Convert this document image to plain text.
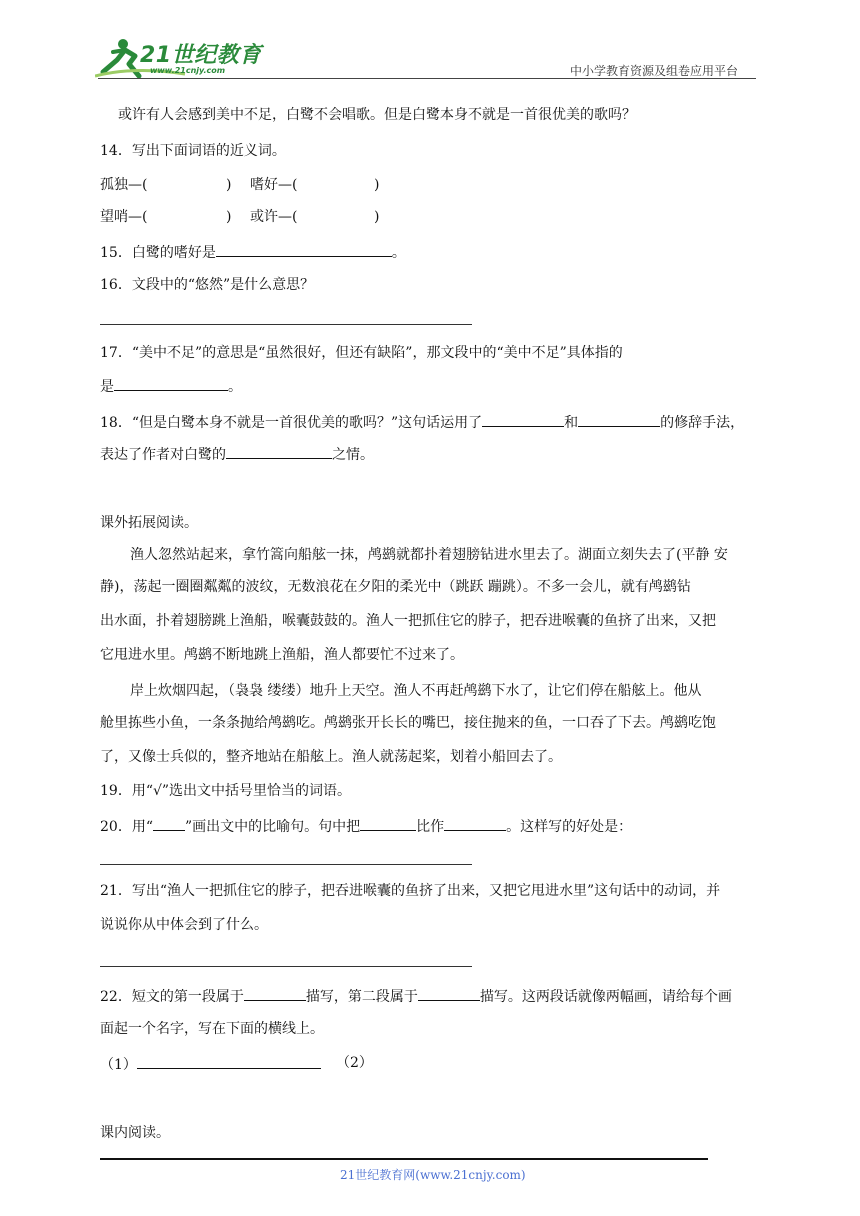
21世纪教育
www.21cnjy.com	中小学教育资源及组卷应用平台
或许有人会感到美中不足，白鹭不会唱歌。但是白鹭本身不就是一首很优美的歌吗？
14．写出下面词语的近义词。
孤独—(	) 嗜好—(	)
望哨—(	) 或许—(	)
15．白鹭的嗜好是	。
16．文段中的“悠然”是什么意思？
17．“美中不足”的意思是“虽然很好，但还有缺陷”，那文段中的“美中不足”具体指的
是	。
18．“但是白鹭本身不就是一首很优美的歌吗？”这句话运用了	和	的修辞手法，
表达了作者对白鹭的	之情。
课外拓展阅读。
渔人忽然站起来，拿竹篙向船舷一抹，鸬鹚就都扑着翅膀钻进水里去了。湖面立刻失去了(平静 安
静)，荡起一圈圈粼粼的波纹，无数浪花在夕阳的柔光中（跳跃 蹦跳）。不多一会儿，就有鸬鹚钻
出水面，扑着翅膀跳上渔船，喉囊鼓鼓的。渔人一把抓住它的脖子，把吞进喉囊的鱼挤了出来，又把
它甩进水里。鸬鹚不断地跳上渔船，渔人都要忙不过来了。
岸上炊烟四起，（袅袅 缕缕）地升上天空。渔人不再赶鸬鹚下水了，让它们停在船舷上。他从
舱里拣些小鱼，一条条抛给鸬鹚吃。鸬鹚张开长长的嘴巴，接住抛来的鱼，一口吞了下去。鸬鹚吃饱
了，又像士兵似的，整齐地站在船舷上。渔人就荡起桨，划着小船回去了。
19．用“√”选出文中括号里恰当的词语。
20．用“ ”画出文中的比喻句。句中把	比作	。这样写的好处是：
21．写出“渔人一把抓住它的脖子，把吞进喉囊的鱼挤了出来，又把它甩进水里”这句话中的动词，并
说说你从中体会到了什么。
22．短文的第一段属于	描写，第二段属于	描写。这两段话就像两幅画，请给每个画
面起一个名字，写在下面的横线上。
（1）	（2）
课内阅读。
21世纪教育网(www.21cnjy.com)
